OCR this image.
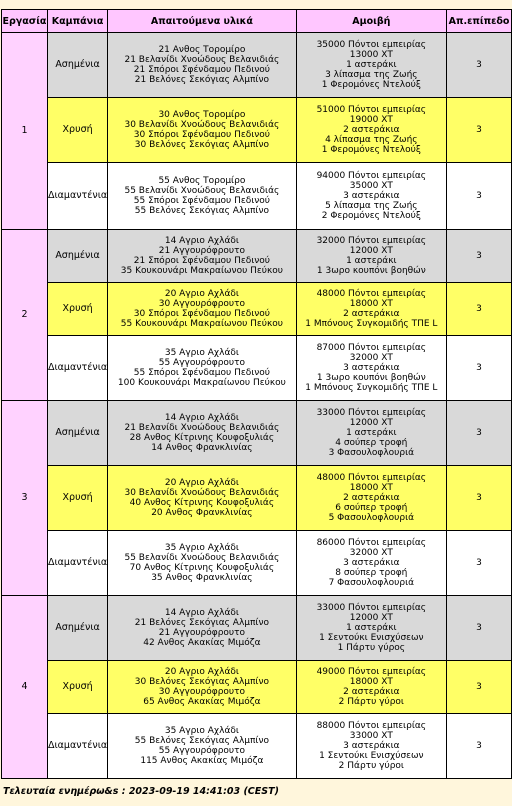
Εργασία	Καμπάνια	Απαιτούμενα υλικά	Αμοιβή	Απ.επίπεδο
1	Ασημένια	21 Ανθος Τορομίρο
21 Βελανίδι Χνοώδους Βελανιδιάς
21 Σπόροι Σφένδαμου Πεδινού
21 Βελόνες Σεκόγιας Αλμπίνο	35000 Πόντοι εμπειρίας
13000 ΧΤ
1 αστεράκι
3 λίπασμα της Ζωής
1 Φερομόνες Ντελούξ	3
	Χρυσή	30 Ανθος Τορομίρο
30 Βελανίδι Χνοώδους Βελανιδιάς
30 Σπόροι Σφένδαμου Πεδινού
30 Βελόνες Σεκόγιας Αλμπίνο	51000 Πόντοι εμπειρίας
19000 ΧΤ
2 αστεράκια
4 λίπασμα της Ζωής
1 Φερομόνες Ντελούξ	3
	Διαμαντένια	55 Ανθος Τορομίρο
55 Βελανίδι Χνοώδους Βελανιδιάς
55 Σπόροι Σφένδαμου Πεδινού
55 Βελόνες Σεκόγιας Αλμπίνο	94000 Πόντοι εμπειρίας
35000 ΧΤ
3 αστεράκια
5 λίπασμα της Ζωής
2 Φερομόνες Ντελούξ	3
2	Ασημένια	14 Αγριο Αχλάδι
21 Αγγουρόφρουτο
21 Σπόροι Σφένδαμου Πεδινού
35 Κουκουνάρι Μακραίωνου Πεύκου	32000 Πόντοι εμπειρίας
12000 ΧΤ
1 αστεράκι
1 3ωρο κουπόνι βοηθών	3
	Χρυσή	20 Αγριο Αχλάδι
30 Αγγουρόφρουτο
30 Σπόροι Σφένδαμου Πεδινού
55 Κουκουνάρι Μακραίωνου Πεύκου	48000 Πόντοι εμπειρίας
18000 ΧΤ
2 αστεράκια
1 Μπόνους Συγκομιδής ΤΠΕ L	3
	Διαμαντένια	35 Αγριο Αχλάδι
55 Αγγουρόφρουτο
55 Σπόροι Σφένδαμου Πεδινού
100 Κουκουνάρι Μακραίωνου Πεύκου	87000 Πόντοι εμπειρίας
32000 ΧΤ
3 αστεράκια
1 3ωρο κουπόνι βοηθών
1 Μπόνους Συγκομιδής ΤΠΕ L	3
3	Ασημένια	14 Αγριο Αχλάδι
21 Βελανίδι Χνοώδους Βελανιδιάς
28 Ανθος Κίτρινης Κουφοξυλιάς
14 Ανθος Φρανκλινίας	33000 Πόντοι εμπειρίας
12000 ΧΤ
1 αστεράκι
4 σούπερ τροφή
3 Φασουλοφλουριά	3
	Χρυσή	20 Αγριο Αχλάδι
30 Βελανίδι Χνοώδους Βελανιδιάς
40 Ανθος Κίτρινης Κουφοξυλιάς
20 Ανθος Φρανκλινίας	48000 Πόντοι εμπειρίας
18000 ΧΤ
2 αστεράκια
6 σούπερ τροφή
5 Φασουλοφλουριά	3
	Διαμαντένια	35 Αγριο Αχλάδι
55 Βελανίδι Χνοώδους Βελανιδιάς
70 Ανθος Κίτρινης Κουφοξυλιάς
35 Ανθος Φρανκλινίας	86000 Πόντοι εμπειρίας
32000 ΧΤ
3 αστεράκια
8 σούπερ τροφή
7 Φασουλοφλουριά	3
4	Ασημένια	14 Αγριο Αχλάδι
21 Βελόνες Σεκόγιας Αλμπίνο
21 Αγγουρόφρουτο
42 Ανθος Ακακίας Μιμόζα	33000 Πόντοι εμπειρίας
12000 ΧΤ
1 αστεράκι
1 Σεντούκι Ενισχύσεων
1 Πάρτυ γύρος	3
	Χρυσή	20 Αγριο Αχλάδι
30 Βελόνες Σεκόγιας Αλμπίνο
30 Αγγουρόφρουτο
65 Ανθος Ακακίας Μιμόζα	49000 Πόντοι εμπειρίας
18000 ΧΤ
2 αστεράκια
2 Πάρτυ γύροι	3
	Διαμαντένια	35 Αγριο Αχλάδι
55 Βελόνες Σεκόγιας Αλμπίνο
55 Αγγουρόφρουτο
115 Ανθος Ακακίας Μιμόζα	88000 Πόντοι εμπειρίας
33000 ΧΤ
3 αστεράκια
1 Σεντούκι Ενισχύσεων
2 Πάρτυ γύροι	3
Τελευταία ενημέρω&s : 2023-09-19 14:41:03 (CEST)
